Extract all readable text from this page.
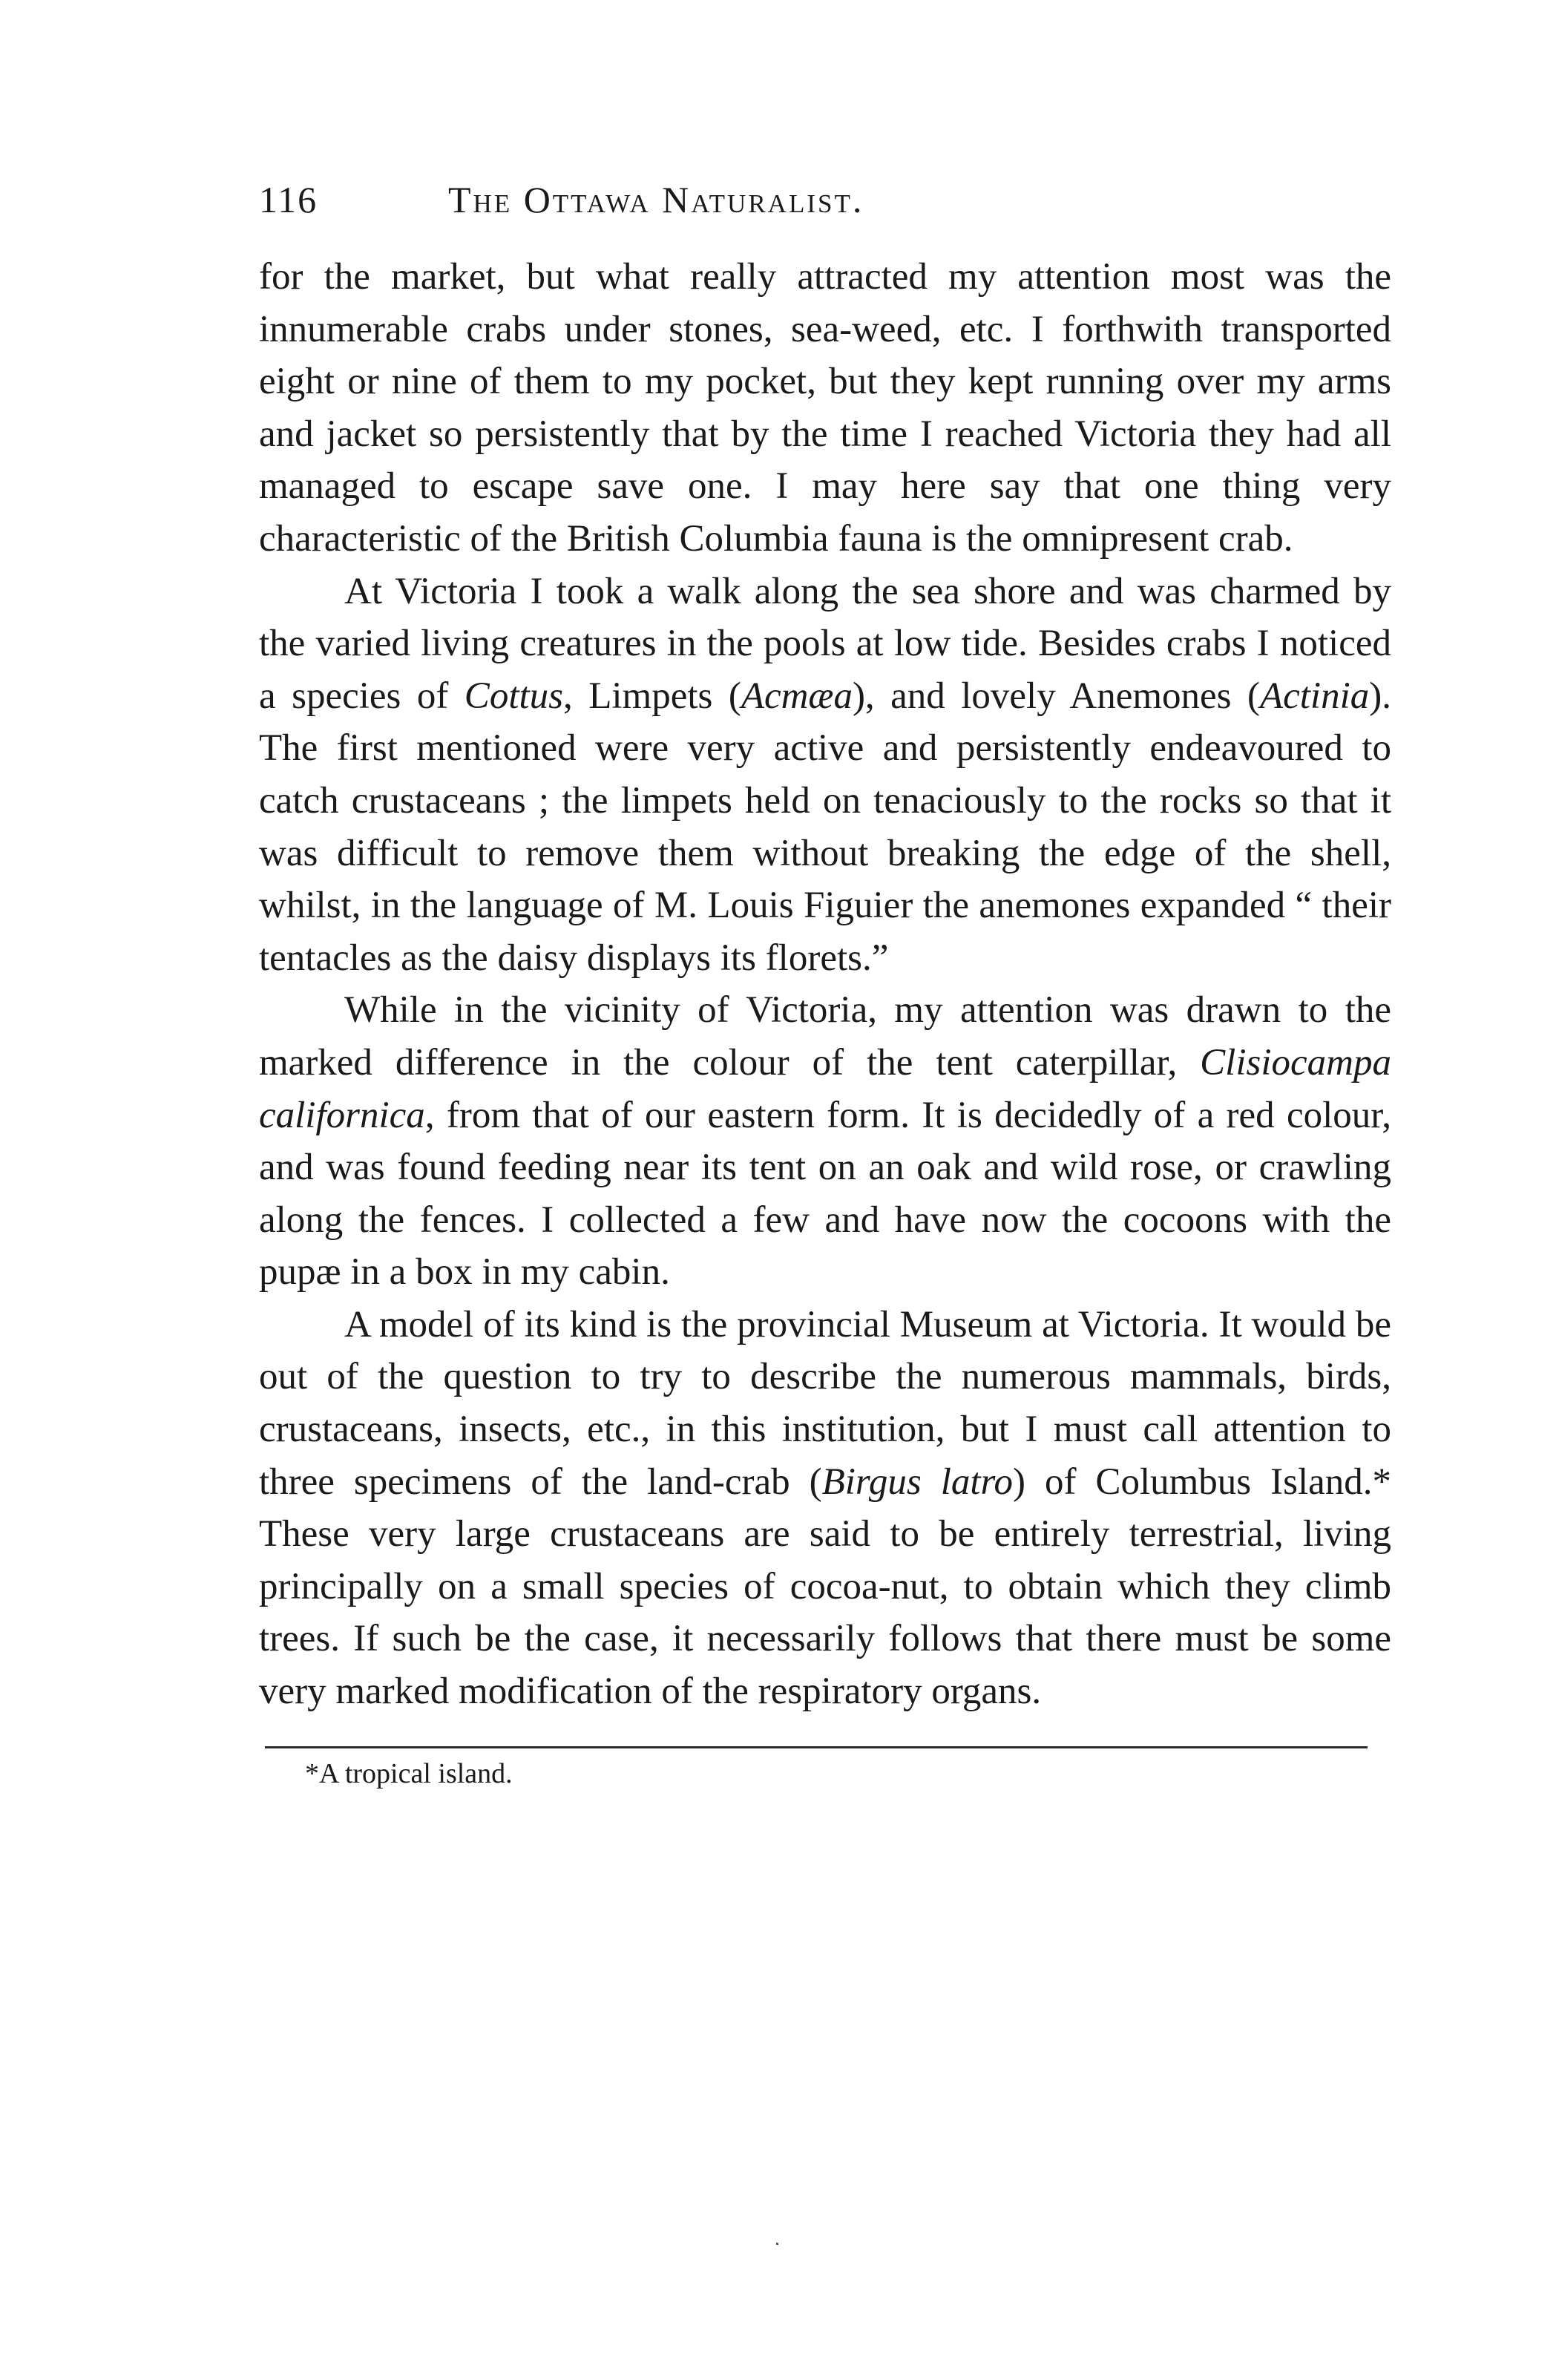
116	The Ottawa Naturalist.

for the market, but what really attracted my attention most was the innumerable crabs under stones, sea-weed, etc. I forthwith transported eight or nine of them to my pocket, but they kept running over my arms and jacket so persistently that by the time I reached Victoria they had all managed to escape save one. I may here say that one thing very characteristic of the British Columbia fauna is the omnipresent crab.

At Victoria I took a walk along the sea shore and was charmed by the varied living creatures in the pools at low tide. Besides crabs I noticed a species of Cottus, Limpets (Acmæa), and lovely Anemones (Actinia). The first mentioned were very active and persistently endeavoured to catch crustaceans ; the limpets held on tenaciously to the rocks so that it was difficult to remove them without breaking the edge of the shell, whilst, in the language of M. Louis Figuier the anemones expanded “ their tentacles as the daisy displays its florets.”

While in the vicinity of Victoria, my attention was drawn to the marked difference in the colour of the tent caterpillar, Clisiocampa californica, from that of our eastern form. It is decidedly of a red colour, and was found feeding near its tent on an oak and wild rose, or crawling along the fences. I collected a few and have now the cocoons with the pupæ in a box in my cabin.

A model of its kind is the provincial Museum at Victoria. It would be out of the question to try to describe the numerous mammals, birds, crustaceans, insects, etc., in this institution, but I must call attention to three specimens of the land-crab (Birgus latro) of Columbus Island.* These very large crustaceans are said to be entirely terrestrial, living principally on a small species of cocoa-nut, to obtain which they climb trees. If such be the case, it necessarily follows that there must be some very marked modification of the respiratory organs.

*A tropical island.
